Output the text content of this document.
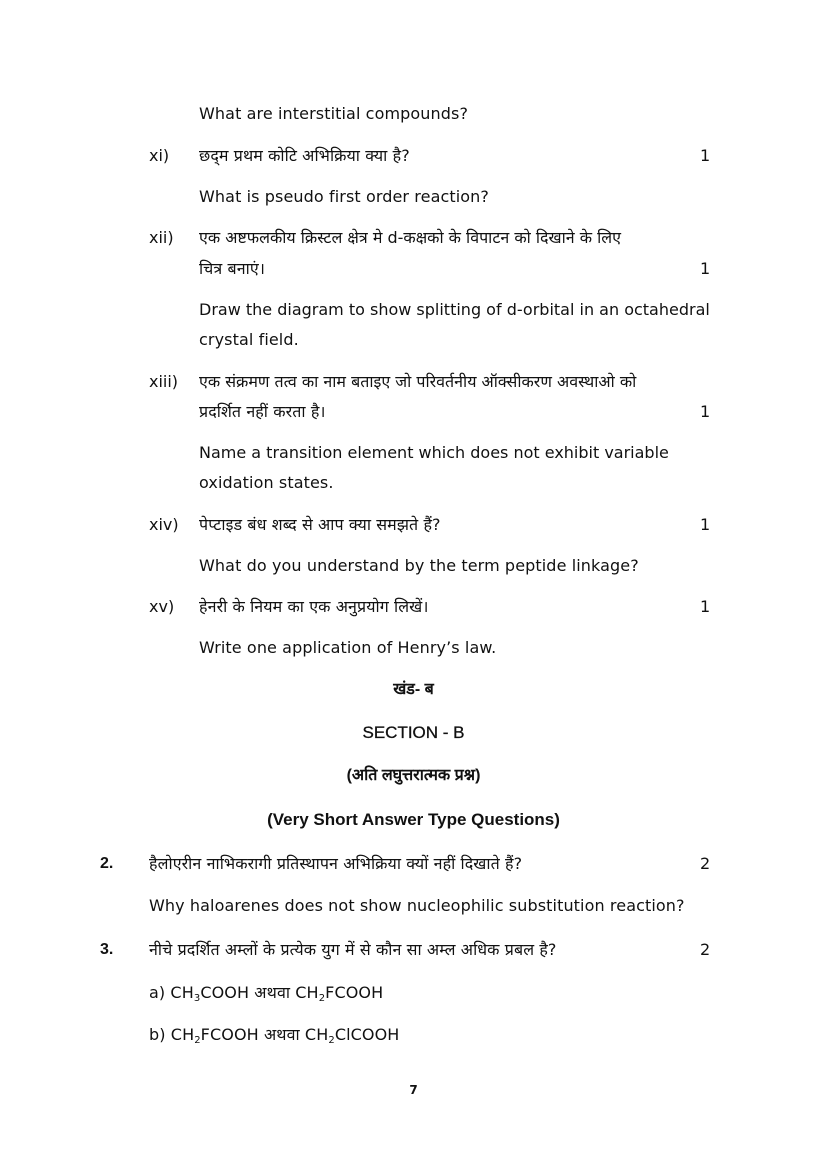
What are interstitial compounds?
xi) छद्‌म प्रथम कोटि अभिक्रिया क्या है?	1
What is pseudo first order reaction?
xii) एक अष्टफलकीय क्रिस्टल क्षेत्र मे d-कक्षको के विपाटन को दिखाने के लिए
चित्र बनाएं।	1
Draw the diagram to show splitting of d-orbital in an octahedral
crystal field.
xiii) एक संक्रमण तत्व का नाम बताइए जो परिवर्तनीय ऑक्सीकरण अवस्थाओ को
प्रदर्शित नहीं करता है।	1
Name a transition element which does not exhibit variable
oxidation states.
xiv) पेप्टाइड बंध शब्द से आप क्या समझते हैं?	1
What do you understand by the term peptide linkage?
xv) हेनरी के नियम का एक अनुप्रयोग लिखें।	1
Write one application of Henry’s law.
खंड- ब
SECTION - B
(अति लघुत्तरात्मक प्रश्न)
(Very Short Answer Type Questions)
2. हैलोएरीन नाभिकरागी प्रतिस्थापन अभिक्रिया क्यों नहीं दिखाते हैं?	2
Why haloarenes does not show nucleophilic substitution reaction?
3. नीचे प्रदर्शित अम्लों के प्रत्येक युग में से कौन सा अम्ल अधिक प्रबल है?	2
a) $CH_3COOH$ अथवा $CH_2FCOOH$
b) $CH_2FCOOH$ अथवा $CH_2ClCOOH$
7
